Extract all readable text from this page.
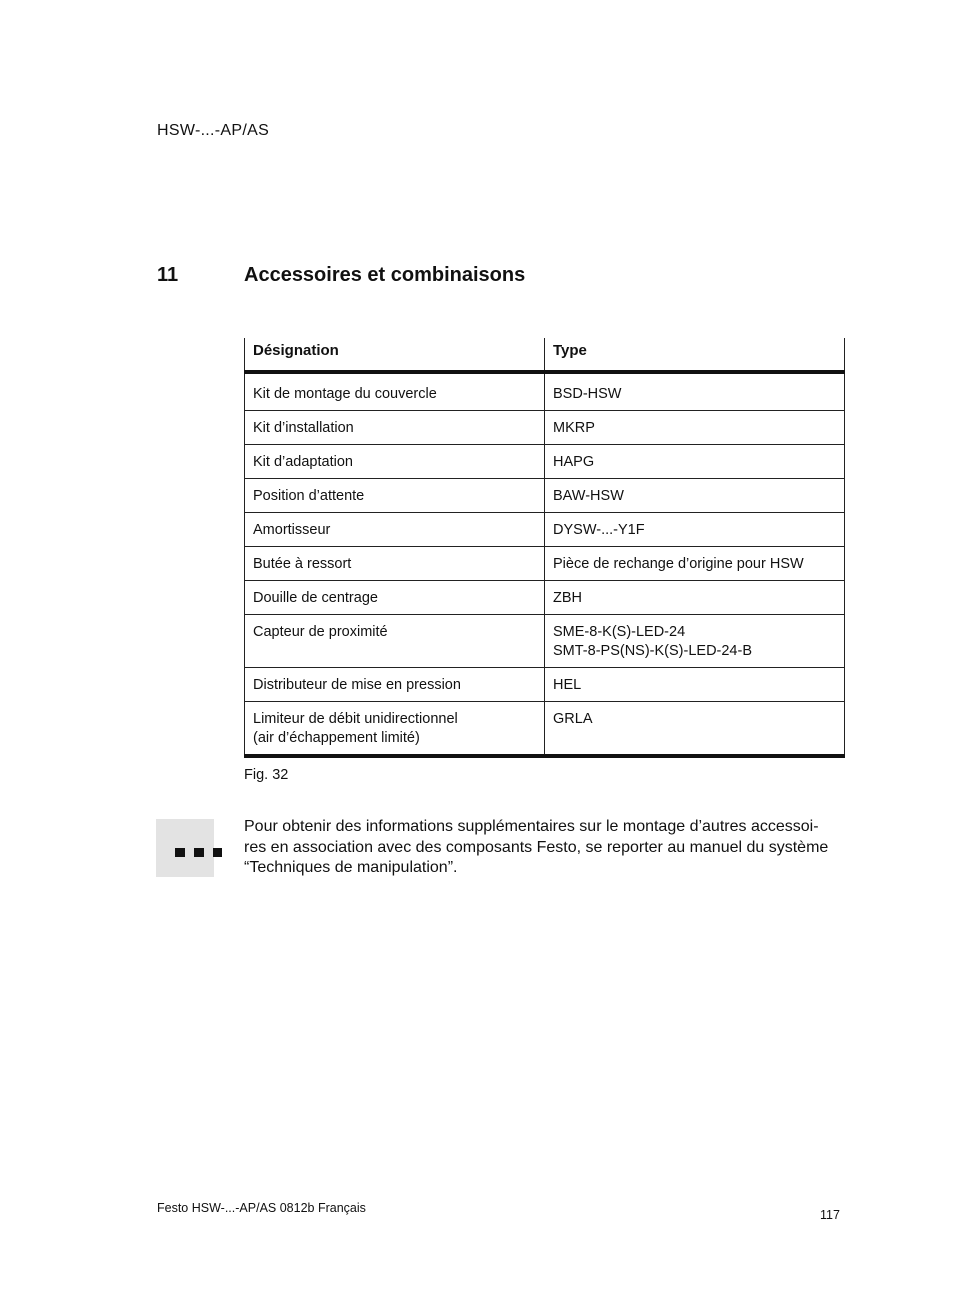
HSW-...-AP/AS
11	Accessoires et combinaisons
Désignation	Type

Kit de montage du couvercle	BSD-HSW

Kit d’installation	MKRP

Kit d’adaptation	HAPG

Position d’attente	BAW-HSW

Amortisseur	DYSW-...-Y1F

Butée à ressort	Pièce de rechange d’origine pour HSW

Douille de centrage	ZBH

Capteur de proximité	SME-8-K(S)-LED-24
SMT-8-PS(NS)-K(S)-LED-24-B

Distributeur de mise en pression	HEL

Limiteur de débit unidirectionnel
(air d’échappement limité)	GRLA
Fig. 32
Pour obtenir des informations supplémentaires sur le montage d’autres accessoi-
res en association avec des composants Festo, se reporter au manuel du système
“Techniques de manipulation”.
Festo HSW-...-AP/AS 0812b Français	117
